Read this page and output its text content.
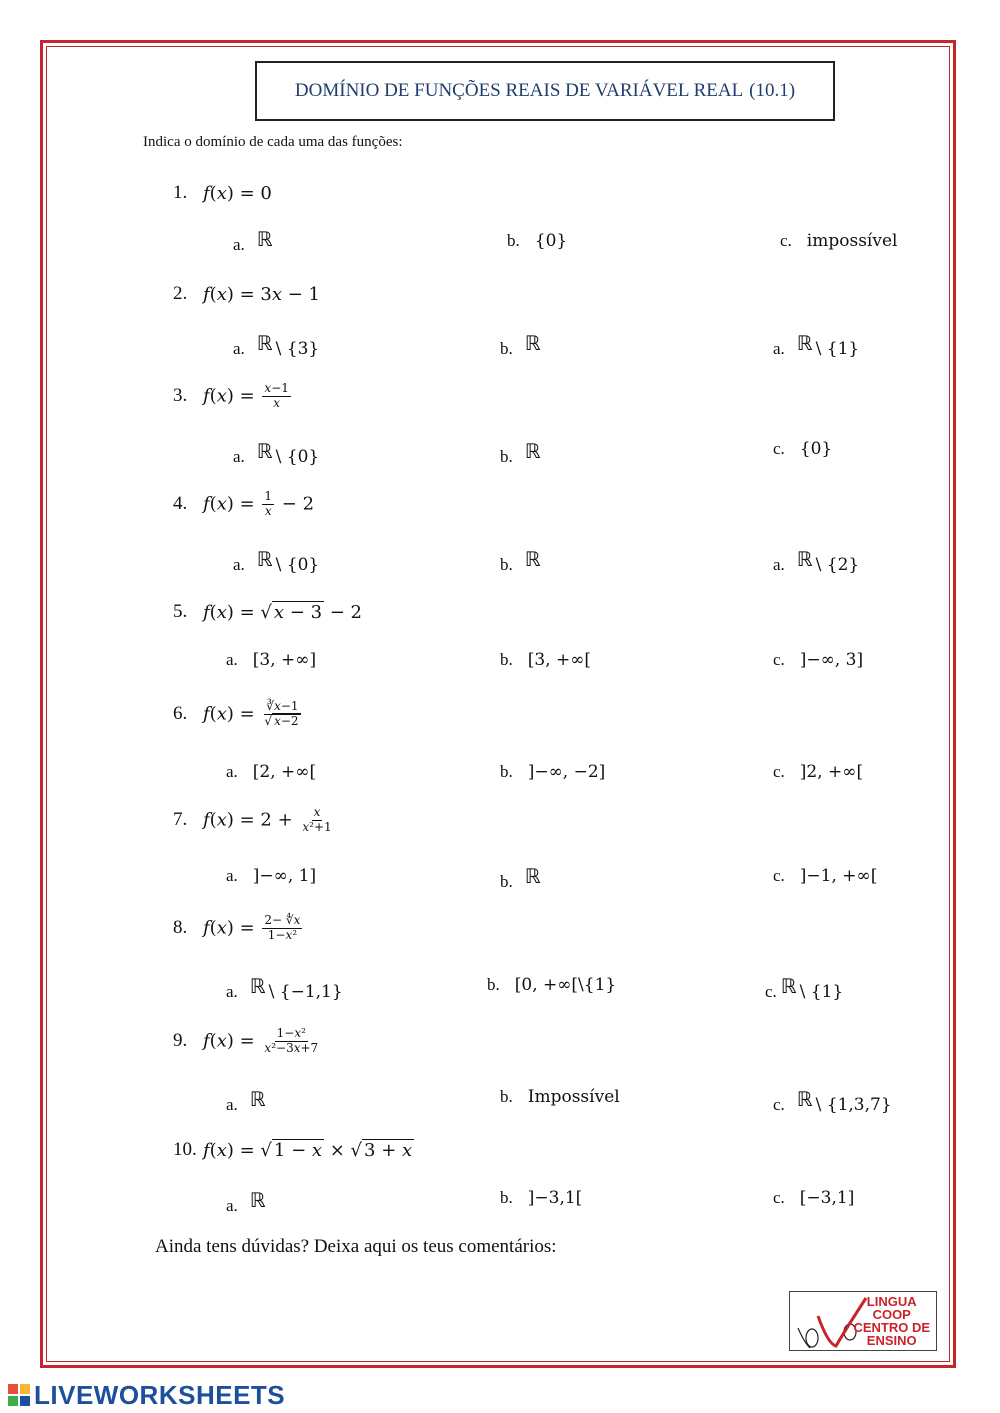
DOMÍNIO DE FUNÇÕES REAIS DE VARIÁVEL REAL (10.1)
Indica o domínio de cada uma das funções:
1. f(x) = 0
2. f(x) = 3x − 1
3. $f(x) = \frac{x-1}{x}$
4. $f(x) = \frac{1}{x} - 2$
5. f(x) = √ x − 3 − 2
6. $f(x) = \frac{∛x-1}{√ x-2}$
7. $f(x) = 2 + \frac{x}{\text{x²+1}}$
8. $f(x) = \frac{2- ∜x}{\text{1−x²}}$
9. $f(x) = \frac{\text{1−x²}}{\text{x²−3x+7}}$
10. f(x) = √ 1 − x × √ 3 + x
a. ℝ	b. {0}	c. impossível
a. ℝ \ {3}	b. ℝ	a. ℝ \ {1}
a. ℝ \ {0}	b. ℝ	c. {0}
a. ℝ \ {0}	b. ℝ	a. ℝ \ {2}
a. [3, +∞]	b. [3, +∞[	c. ]−∞, 3]
a. [2, +∞[	b. ]−∞, −2]	c. ]2, +∞[
a. ]−∞, 1]	b. ℝ	c. ]−1, +∞[
a. ℝ \ {−1,1}	b. [0, +∞[\{1}	c. ℝ \ {1}
a. ℝ	b. Impossível	c. ℝ \ {1,3,7}
a. ℝ	b. ]−3,1[	c. [−3,1]
Ainda tens dúvidas? Deixa aqui os teus comentários:
LINGUA
COOP
CENTRO DE
ENSINO
LIVEWORKSHEETS
